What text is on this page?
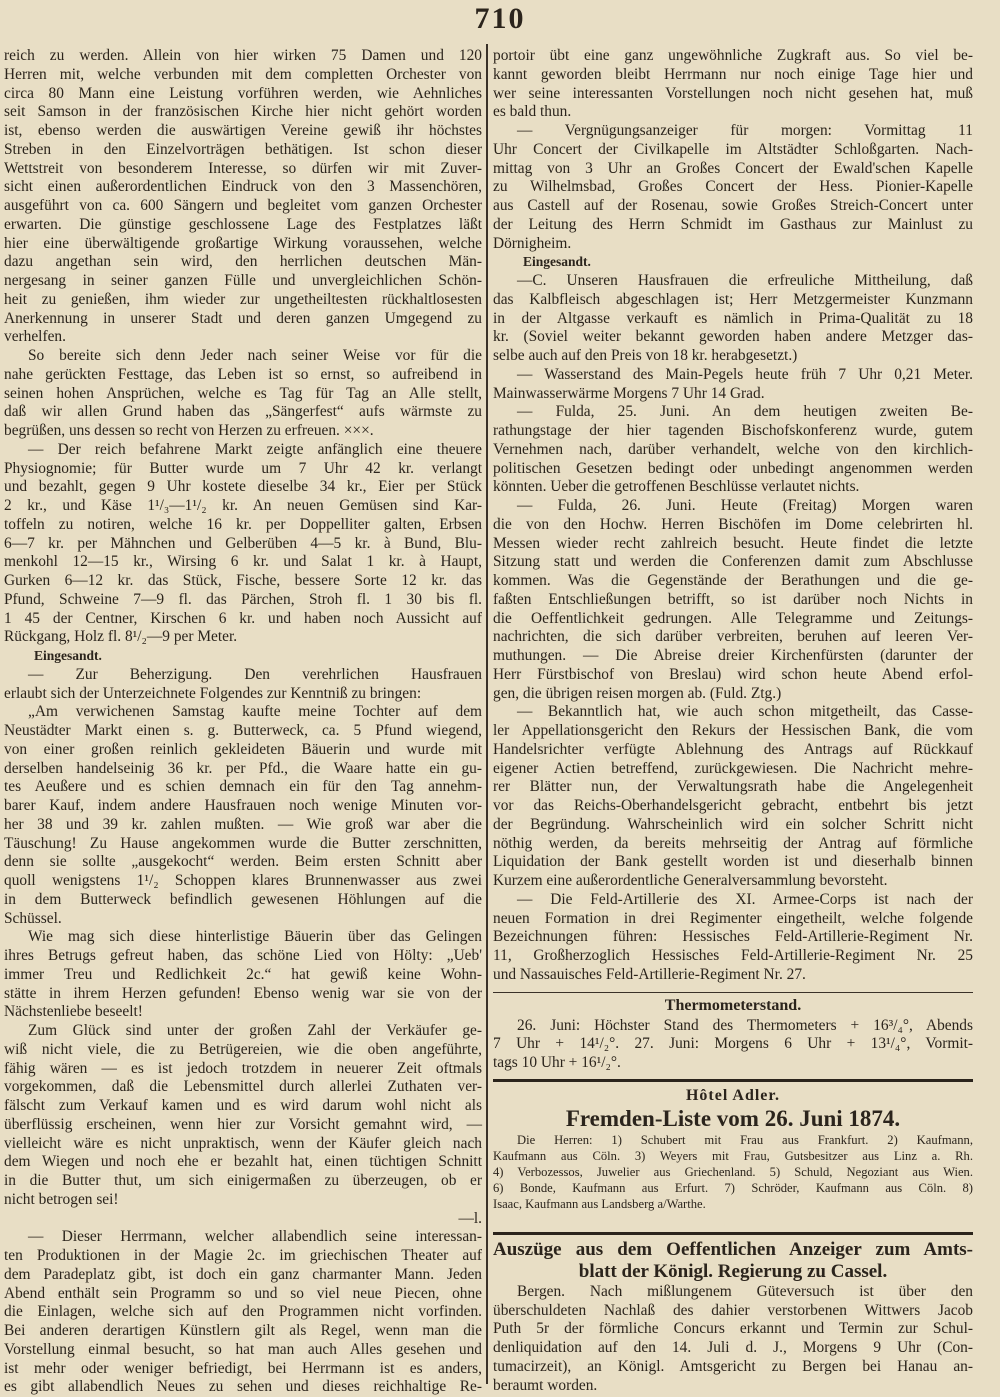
710
reich zu werden. Allein von hier wirken 75 Damen und 120
Herren mit, welche verbunden mit dem completten Orchester von
circa 80 Mann eine Leistung vorführen werden, wie Aehnliches
seit Samson in der französischen Kirche hier nicht gehört worden
ist, ebenso werden die auswärtigen Vereine gewiß ihr höchstes
Streben in den Einzelvorträgen bethätigen. Ist schon dieser
Wettstreit von besonderem Interesse, so dürfen wir mit Zuver-
sicht einen außerordentlichen Eindruck von den 3 Massenchören,
ausgeführt von ca. 600 Sängern und begleitet vom ganzen Orchester
erwarten. Die günstige geschlossene Lage des Festplatzes läßt
hier eine überwältigende großartige Wirkung voraussehen, welche
dazu angethan sein wird, den herrlichen deutschen Män-
nergesang in seiner ganzen Fülle und unvergleichlichen Schön-
heit zu genießen, ihm wieder zur ungetheiltesten rückhaltlosesten
Anerkennung in unserer Stadt und deren ganzen Umgegend zu
verhelfen.
So bereite sich denn Jeder nach seiner Weise vor für die
nahe gerückten Festtage, das Leben ist so ernst, so aufreibend in
seinen hohen Ansprüchen, welche es Tag für Tag an Alle stellt,
daß wir allen Grund haben das „Sängerfest“ aufs wärmste zu
begrüßen, uns dessen so recht von Herzen zu erfreuen. ×××.
— Der reich befahrene Markt zeigte anfänglich eine theuere
Physiognomie; für Butter wurde um 7 Uhr 42 kr. verlangt
und bezahlt, gegen 9 Uhr kostete dieselbe 34 kr., Eier per Stück
2 kr., und Käse 1¹/₃—1¹/₂ kr. An neuen Gemüsen sind Kar-
toffeln zu notiren, welche 16 kr. per Doppelliter galten, Erbsen
6—7 kr. per Mähnchen und Gelberüben 4—5 kr. à Bund, Blu-
menkohl 12—15 kr., Wirsing 6 kr. und Salat 1 kr. à Haupt,
Gurken 6—12 kr. das Stück, Fische, bessere Sorte 12 kr. das
Pfund, Schweine 7—9 fl. das Pärchen, Stroh fl. 1 30 bis fl.
1 45 der Centner, Kirschen 6 kr. und haben noch Aussicht auf
Rückgang, Holz fl. 8¹/₂—9 per Meter.
Eingesandt.
— Zur Beherzigung. Den verehrlichen Hausfrauen
erlaubt sich der Unterzeichnete Folgendes zur Kenntniß zu bringen:
„Am verwichenen Samstag kaufte meine Tochter auf dem
Neustädter Markt einen s. g. Butterweck, ca. 5 Pfund wiegend,
von einer großen reinlich gekleideten Bäuerin und wurde mit
derselben handelseinig 36 kr. per Pfd., die Waare hatte ein gu-
tes Aeußere und es schien demnach ein für den Tag annehm-
barer Kauf, indem andere Hausfrauen noch wenige Minuten vor-
her 38 und 39 kr. zahlen mußten. — Wie groß war aber die
Täuschung! Zu Hause angekommen wurde die Butter zerschnitten,
denn sie sollte „ausgekocht“ werden. Beim ersten Schnitt aber
quoll wenigstens 1¹/₂ Schoppen klares Brunnenwasser aus zwei
in dem Butterweck befindlich gewesenen Höhlungen auf die
Schüssel.
Wie mag sich diese hinterlistige Bäuerin über das Gelingen
ihres Betrugs gefreut haben, das schöne Lied von Hölty: „Ueb'
immer Treu und Redlichkeit 2c.“ hat gewiß keine Wohn-
stätte in ihrem Herzen gefunden! Ebenso wenig war sie von der
Nächstenliebe beseelt!
Zum Glück sind unter der großen Zahl der Verkäufer ge-
wiß nicht viele, die zu Betrügereien, wie die oben angeführte,
fähig wären — es ist jedoch trotzdem in neuerer Zeit oftmals
vorgekommen, daß die Lebensmittel durch allerlei Zuthaten ver-
fälscht zum Verkauf kamen und es wird darum wohl nicht als
überflüssig erscheinen, wenn hier zur Vorsicht gemahnt wird, —
vielleicht wäre es nicht unpraktisch, wenn der Käufer gleich nach
dem Wiegen und noch ehe er bezahlt hat, einen tüchtigen Schnitt
in die Butter thut, um sich einigermaßen zu überzeugen, ob er
nicht betrogen sei!
—l.
— Dieser Herrmann, welcher allabendlich seine interessan-
ten Produktionen in der Magie 2c. im griechischen Theater auf
dem Paradeplatz gibt, ist doch ein ganz charmanter Mann. Jeden
Abend enthält sein Programm so und so viel neue Piecen, ohne
die Einlagen, welche sich auf den Programmen nicht vorfinden.
Bei anderen derartigen Künstlern gilt als Regel, wenn man die
Vorstellung einmal besucht, so hat man auch Alles gesehen und
ist mehr oder weniger befriedigt, bei Herrmann ist es anders,
es gibt allabendlich Neues zu sehen und dieses reichhaltige Re-
portoir übt eine ganz ungewöhnliche Zugkraft aus. So viel be-
kannt geworden bleibt Herrmann nur noch einige Tage hier und
wer seine interessanten Vorstellungen noch nicht gesehen hat, muß
es bald thun.
— Vergnügungsanzeiger für morgen: Vormittag 11
Uhr Concert der Civilkapelle im Altstädter Schloßgarten. Nach-
mittag von 3 Uhr an Großes Concert der Ewald'schen Kapelle
zu Wilhelmsbad, Großes Concert der Hess. Pionier-Kapelle
aus Castell auf der Rosenau, sowie Großes Streich-Concert unter
der Leitung des Herrn Schmidt im Gasthaus zur Mainlust zu
Dörnigheim.
Eingesandt.
—C. Unseren Hausfrauen die erfreuliche Mittheilung, daß
das Kalbfleisch abgeschlagen ist; Herr Metzgermeister Kunzmann
in der Altgasse verkauft es nämlich in Prima-Qualität zu 18
kr. (Soviel weiter bekannt geworden haben andere Metzger das-
selbe auch auf den Preis von 18 kr. herabgesetzt.)
— Wasserstand des Main-Pegels heute früh 7 Uhr 0,21 Meter.
Mainwasserwärme Morgens 7 Uhr 14 Grad.
— Fulda, 25. Juni. An dem heutigen zweiten Be-
rathungstage der hier tagenden Bischofskonferenz wurde, gutem
Vernehmen nach, darüber verhandelt, welche von den kirchlich-
politischen Gesetzen bedingt oder unbedingt angenommen werden
könnten. Ueber die getroffenen Beschlüsse verlautet nichts.
— Fulda, 26. Juni. Heute (Freitag) Morgen waren
die von den Hochw. Herren Bischöfen im Dome celebrirten hl.
Messen wieder recht zahlreich besucht. Heute findet die letzte
Sitzung statt und werden die Conferenzen damit zum Abschlusse
kommen. Was die Gegenstände der Berathungen und die ge-
faßten Entschließungen betrifft, so ist darüber noch Nichts in
die Oeffentlichkeit gedrungen. Alle Telegramme und Zeitungs-
nachrichten, die sich darüber verbreiten, beruhen auf leeren Ver-
muthungen. — Die Abreise dreier Kirchenfürsten (darunter der
Herr Fürstbischof von Breslau) wird schon heute Abend erfol-
gen, die übrigen reisen morgen ab. (Fuld. Ztg.)
— Bekanntlich hat, wie auch schon mitgetheilt, das Casse-
ler Appellationsgericht den Rekurs der Hessischen Bank, die vom
Handelsrichter verfügte Ablehnung des Antrags auf Rückkauf
eigener Actien betreffend, zurückgewiesen. Die Nachricht mehre-
rer Blätter nun, der Verwaltungsrath habe die Angelegenheit
vor das Reichs-Oberhandelsgericht gebracht, entbehrt bis jetzt
der Begründung. Wahrscheinlich wird ein solcher Schritt nicht
nöthig werden, da bereits mehrseitig der Antrag auf förmliche
Liquidation der Bank gestellt worden ist und dieserhalb binnen
Kurzem eine außerordentliche Generalversammlung bevorsteht.
— Die Feld-Artillerie des XI. Armee-Corps ist nach der
neuen Formation in drei Regimenter eingetheilt, welche folgende
Bezeichnungen führen: Hessisches Feld-Artillerie-Regiment Nr.
11, Großherzoglich Hessisches Feld-Artillerie-Regiment Nr. 25
und Nassauisches Feld-Artillerie-Regiment Nr. 27.
Thermometerstand.
26. Juni: Höchster Stand des Thermometers + 16³/₄°, Abends
7 Uhr + 14¹/₂°. 27. Juni: Morgens 6 Uhr + 13¹/₄°, Vormit-
tags 10 Uhr + 16¹/₂°.
Hôtel Adler.
Fremden-Liste vom 26. Juni 1874.
Die Herren: 1) Schubert mit Frau aus Frankfurt. 2) Kaufmann,
Kaufmann aus Cöln. 3) Weyers mit Frau, Gutsbesitzer aus Linz a. Rh.
4) Verbozessos, Juwelier aus Griechenland. 5) Schuld, Negoziant aus Wien.
6) Bonde, Kaufmann aus Erfurt. 7) Schröder, Kaufmann aus Cöln. 8)
Isaac, Kaufmann aus Landsberg a/Warthe.
Auszüge aus dem Oeffentlichen Anzeiger zum Amts-
blatt der Königl. Regierung zu Cassel.
Bergen. Nach mißlungenem Güteversuch ist über den
überschuldeten Nachlaß des dahier verstorbenen Wittwers Jacob
Puth 5r der förmliche Concurs erkannt und Termin zur Schul-
denliquidation auf den 14. Juli d. J., Morgens 9 Uhr (Con-
tumacirzeit), an Königl. Amtsgericht zu Bergen bei Hanau an-
beraumt worden.
